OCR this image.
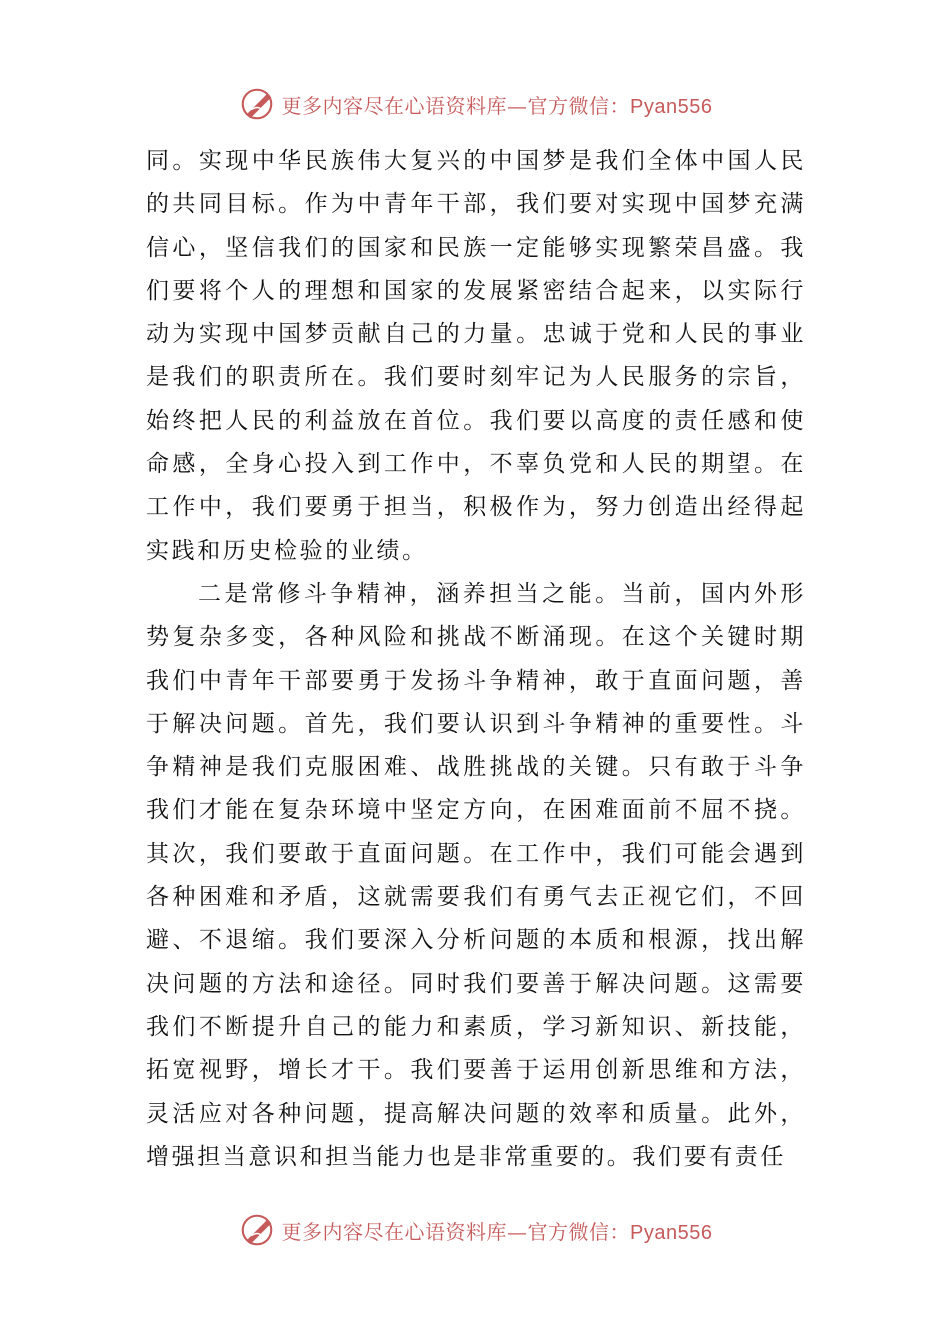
更多内容尽在心语资料库—官方微信：Pyan556

同。实现中华民族伟大复兴的中国梦是我们全体中国人民的共同目标。作为中青年干部，我们要对实现中国梦充满信心，坚信我们的国家和民族一定能够实现繁荣昌盛。我们要将个人的理想和国家的发展紧密结合起来，以实际行动为实现中国梦贡献自己的力量。忠诚于党和人民的事业是我们的职责所在。我们要时刻牢记为人民服务的宗旨，始终把人民的利益放在首位。我们要以高度的责任感和使命感，全身心投入到工作中，不辜负党和人民的期望。在工作中，我们要勇于担当，积极作为，努力创造出经得起实践和历史检验的业绩。

二是常修斗争精神，涵养担当之能。当前，国内外形势复杂多变，各种风险和挑战不断涌现。在这个关键时期我们中青年干部要勇于发扬斗争精神，敢于直面问题，善于解决问题。首先，我们要认识到斗争精神的重要性。斗争精神是我们克服困难、战胜挑战的关键。只有敢于斗争我们才能在复杂环境中坚定方向，在困难面前不屈不挠。其次，我们要敢于直面问题。在工作中，我们可能会遇到各种困难和矛盾，这就需要我们有勇气去正视它们，不回避、不退缩。我们要深入分析问题的本质和根源，找出解决问题的方法和途径。同时我们要善于解决问题。这需要我们不断提升自己的能力和素质，学习新知识、新技能，拓宽视野，增长才干。我们要善于运用创新思维和方法，灵活应对各种问题，提高解决问题的效率和质量。此外，增强担当意识和担当能力也是非常重要的。我们要有责任

更多内容尽在心语资料库—官方微信：Pyan556
